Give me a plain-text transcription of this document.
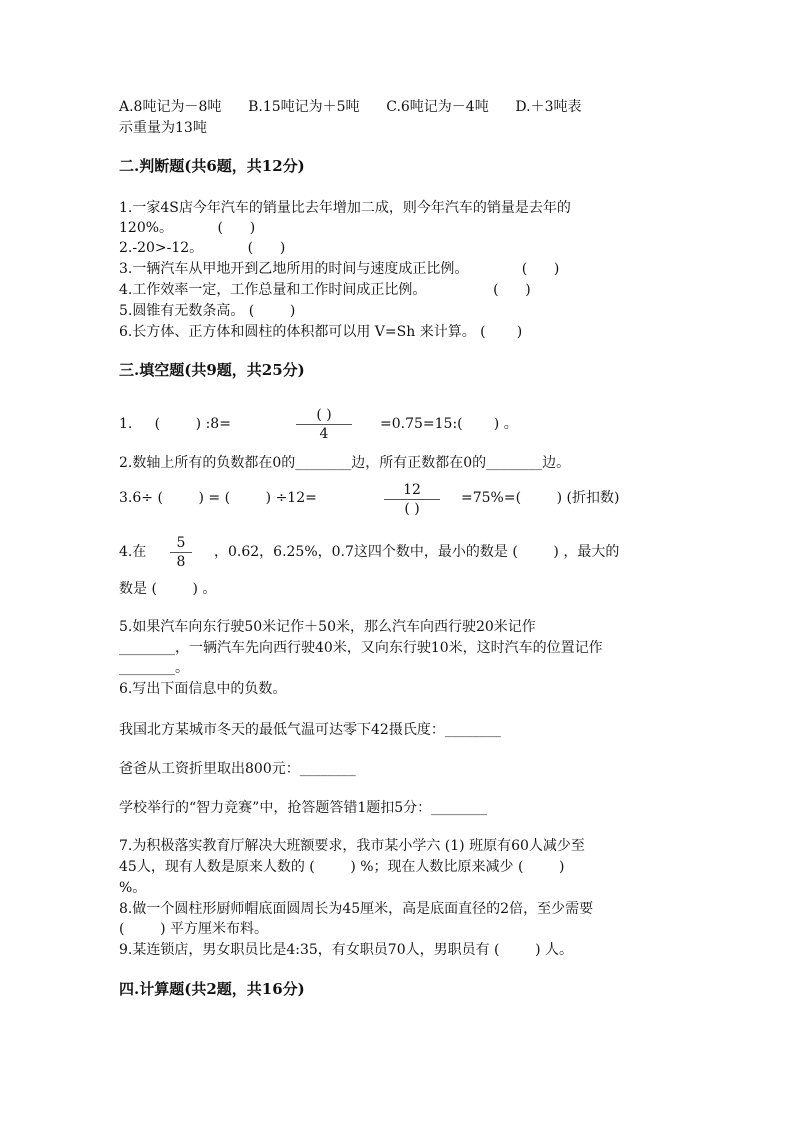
A.8吨记为－8吨      B.15吨记为＋5吨      C.6吨记为－4吨      D.＋3吨表
示重量为13吨
二.判断题(共6题，共12分)
1.一家4S店今年汽车的销量比去年增加二成，则今年汽车的销量是去年的
120%。          (      )
2.-20>-12。          (      )
3.一辆汽车从甲地开到乙地所用的时间与速度成正比例。            (      )
4.工作效率一定，工作总量和工作时间成正比例。               (      )
5.圆锥有无数条高。 (        )
6.长方体、正方体和圆柱的体积都可以用 V=Sh 来计算。 (       )
三.填空题(共9题，共25分)
1.     (        ) :8=
( )
4
=0.75=15:(       ) 。
2.数轴上所有的负数都在0的________边，所有正数都在0的________边。
3.6÷ (        ) = (        ) ÷12=	12
( )
=75%=(        ) (折扣数)
4.在
5
8
，0.62，6.25%，0.7这四个数中，最小的数是 (        ) ，最大的
数是 (        ) 。
5.如果汽车向东行驶50米记作＋50米，那么汽车向西行驶20米记作
________，一辆汽车先向西行驶40米，又向东行驶10米，这时汽车的位置记作
________。
6.写出下面信息中的负数。
我国北方某城市冬天的最低气温可达零下42摄氏度：________
爸爸从工资折里取出800元：________
学校举行的“智力竞赛”中，抢答题答错1题扣5分：________
7.为积极落实教育厅解决大班额要求，我市某小学六 (1) 班原有60人减少至
45人，现有人数是原来人数的 (        ) %；现在人数比原来减少 (        )
%。
8.做一个圆柱形厨师帽底面圆周长为45厘米，高是底面直径的2倍，至少需要
(        ) 平方厘米布料。
9.某连锁店，男女职员比是4:35，有女职员70人，男职员有 (        ) 人。
四.计算题(共2题，共16分)
